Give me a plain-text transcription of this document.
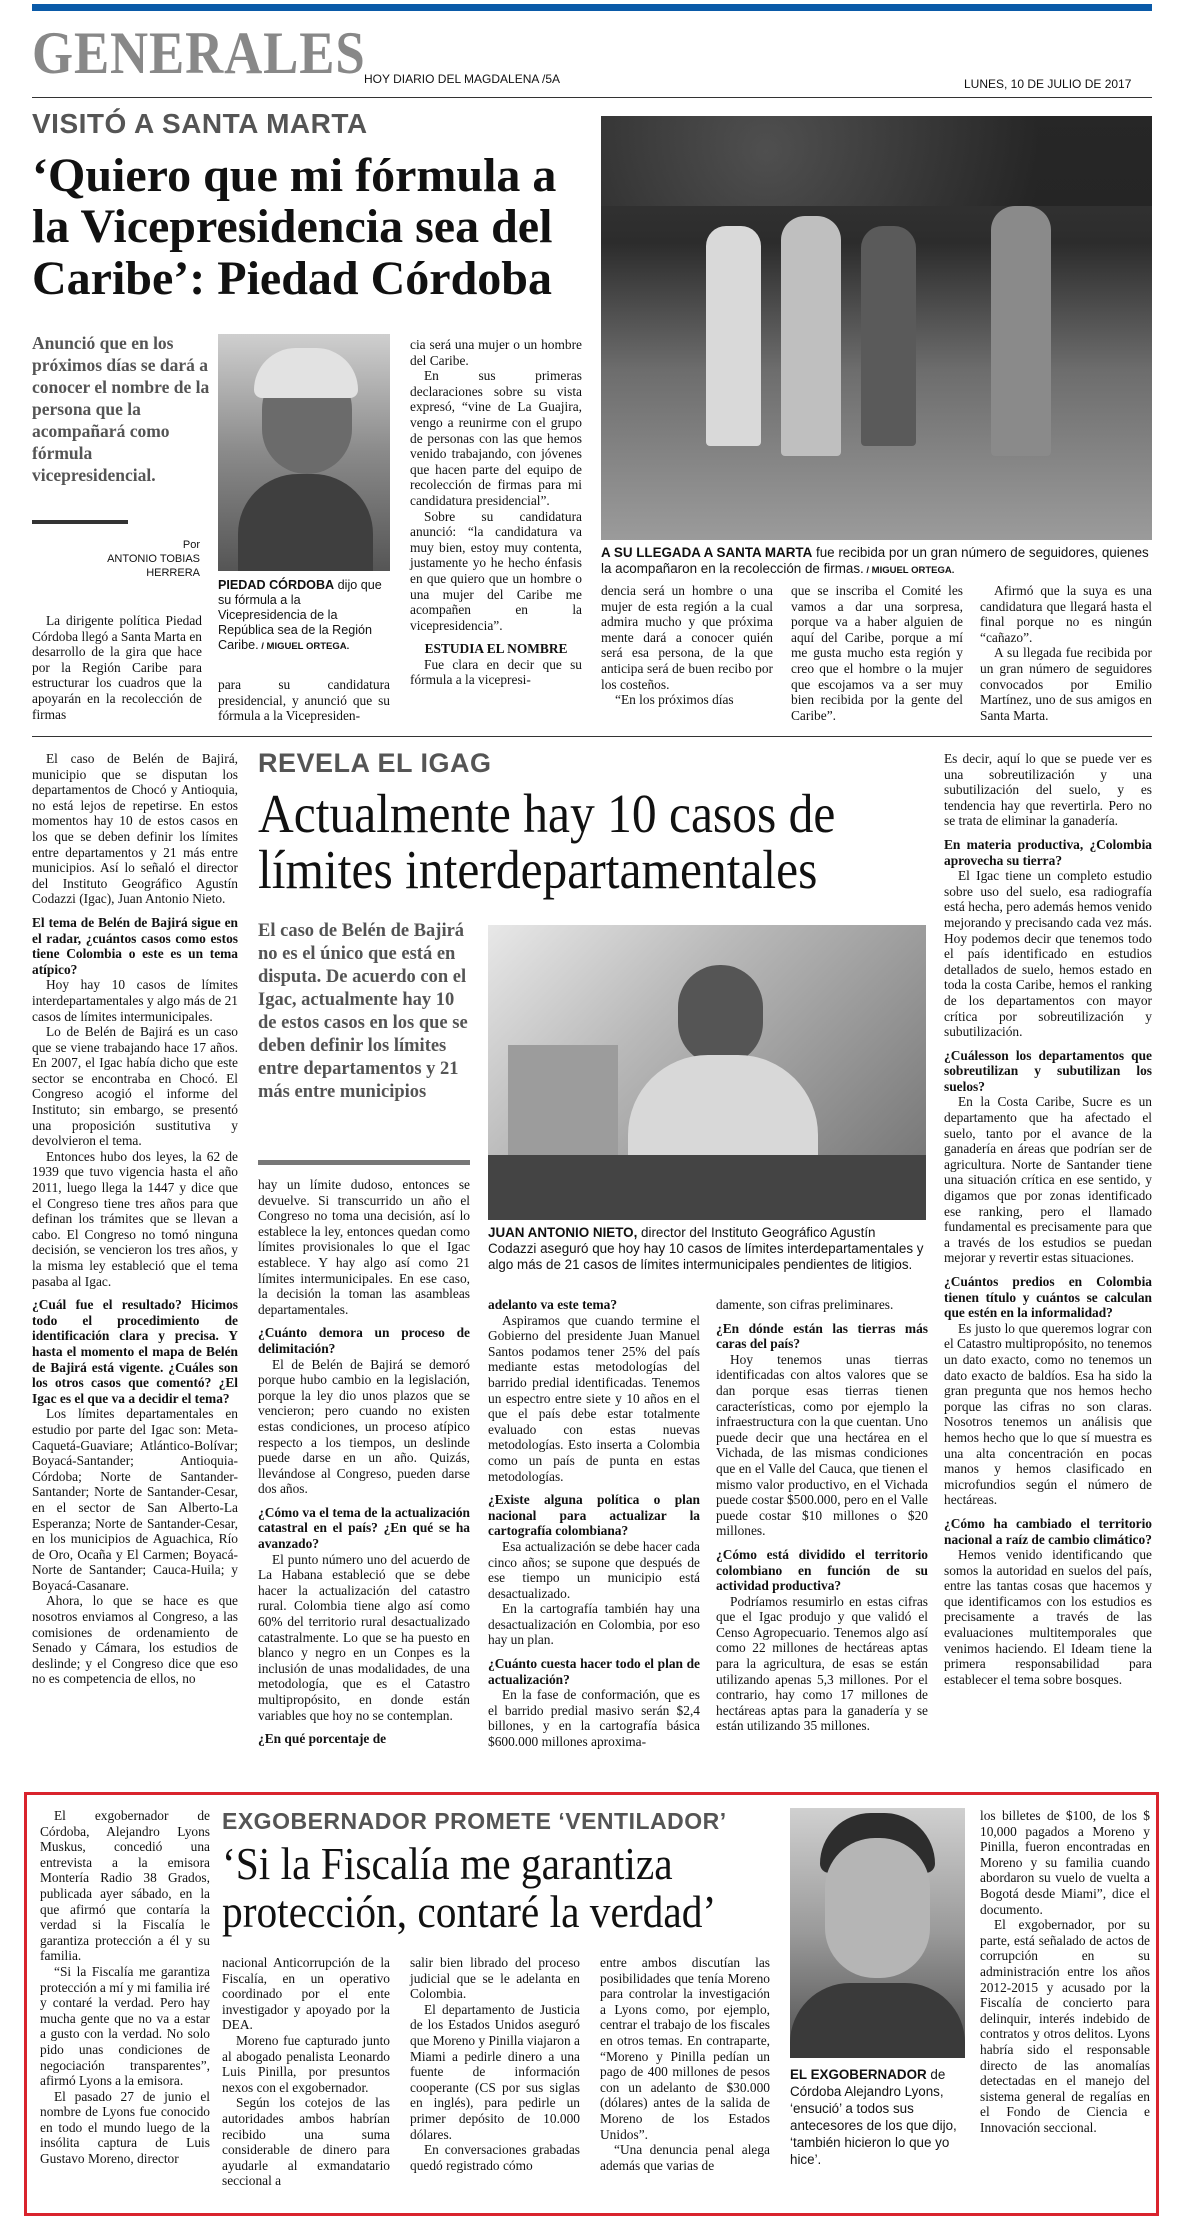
GENERALES
HOY DIARIO DEL MAGDALENA /5A	LUNES, 10 DE JULIO DE 2017
VISITÓ A SANTA MARTA
‘Quiero que mi fórmula a la Vicepresidencia sea del Caribe’: Piedad Córdoba
Anunció que en los próximos días se dará a conocer el nombre de la persona que la acompañará como fórmula vicepresidencial.
Por
ANTONIO TOBIAS HERRERA

La dirigente política Piedad Córdoba llegó a Santa Marta en desarrollo de la gira que hace por la Región Caribe para estructurar los cuadros que la apoyarán en la recolección de firmas

PIEDAD CÓRDOBA dijo que su fórmula a la Vicepresidencia de la República sea de la Región Caribe. / MIGUEL ORTEGA.

para su candidatura presidencial, y anunció que su fórmula a la Vicepresiden-

cia será una mujer o un hombre del Caribe.

En sus primeras declaraciones sobre su vista expresó, “vine de La Guajira, vengo a reunirme con el grupo de personas con las que hemos venido trabajando, con jóvenes que hacen parte del equipo de recolección de firmas para mi candidatura presidencial”.

Sobre su candidatura anunció: “la candidatura va muy bien, estoy muy contenta, justamente yo he hecho énfasis en que quiero que un hombre o una mujer del Caribe me acompañen en la vicepresidencia”.

ESTUDIA EL NOMBRE

Fue clara en decir que su fórmula a la vicepresi-

A SU LLEGADA A SANTA MARTA fue recibida por un gran número de seguidores, quienes la acompañaron en la recolección de firmas. / MIGUEL ORTEGA.

dencia será un hombre o una mujer de esta región a la cual admira mucho y que próxima mente dará a conocer quién será esa persona, de la que anticipa será de buen recibo por los costeños.

“En los próximos días

que se inscriba el Comité les vamos a dar una sorpresa, porque va a haber alguien de aquí del Caribe, porque a mí me gusta mucho esta región y creo que el hombre o la mujer que escojamos va a ser muy bien recibida por la gente del Caribe”.

Afirmó que la suya es una candidatura que llegará hasta el final porque no es ningún “cañazo”.

A su llegada fue recibida por un gran número de seguidores convocados por Emilio Martínez, uno de sus amigos en Santa Marta.

El caso de Belén de Bajirá, municipio que se disputan los departamentos de Chocó y Antioquia, no está lejos de repetirse. En estos momentos hay 10 de estos casos en los que se deben definir los límites entre departamentos y 21 más entre municipios. Así lo señaló el director del Instituto Geográfico Agustín Codazzi (Igac), Juan Antonio Nieto.

El tema de Belén de Bajirá sigue en el radar, ¿cuántos casos como estos tiene Colombia o este es un tema atípico?

Hoy hay 10 casos de límites interdepartamentales y algo más de 21 casos de límites intermunicipales.

Lo de Belén de Bajirá es un caso que se viene trabajando hace 17 años. En 2007, el Igac había dicho que este sector se encontraba en Chocó. El Congreso acogió el informe del Instituto; sin embargo, se presentó una proposición sustitutiva y devolvieron el tema.

Entonces hubo dos leyes, la 62 de 1939 que tuvo vigencia hasta el año 2011, luego llega la 1447 y dice que el Congreso tiene tres años para que definan los trámites que se llevan a cabo. El Congreso no tomó ninguna decisión, se vencieron los tres años, y la misma ley estableció que el tema pasaba al Igac.

¿Cuál fue el resultado? Hicimos todo el procedimiento de identificación clara y precisa. Y hasta el momento el mapa de Belén de Bajirá está vigente. ¿Cuáles son los otros casos que comentó? ¿El Igac es el que va a decidir el tema?

Los límites departamentales en estudio por parte del Igac son: Meta-Caquetá-Guaviare; Atlántico-Bolívar; Boyacá-Santander; Antioquia-Córdoba; Norte de Santander-Santander; Norte de Santander-Cesar, en el sector de San Alberto-La Esperanza; Norte de Santander-Cesar, en los municipios de Aguachica, Río de Oro, Ocaña y El Carmen; Boyacá-Norte de Santander; Cauca-Huila; y Boyacá-Casanare.

Ahora, lo que se hace es que nosotros enviamos al Congreso, a las comisiones de ordenamiento de Senado y Cámara, los estudios de deslinde; y el Congreso dice que eso no es competencia de ellos, no

REVELA EL IGAG
Actualmente hay 10 casos de límites interdepartamentales
El caso de Belén de Bajirá no es el único que está en disputa. De acuerdo con el Igac, actualmente hay 10 de estos casos en los que se deben definir los límites entre departamentos y 21 más entre municipios
JUAN ANTONIO NIETO, director del Instituto Geográfico Agustín Codazzi aseguró que hoy hay 10 casos de límites interdepartamentales y algo más de 21 casos de límites intermunicipales pendientes de litigios.

hay un límite dudoso, entonces se devuelve. Si transcurrido un año el Congreso no toma una decisión, así lo establece la ley, entonces quedan como límites provisionales lo que el Igac establece. Y hay algo así como 21 límites intermunicipales. En ese caso, la decisión la toman las asambleas departamentales.

¿Cuánto demora un proceso de delimitación?

El de Belén de Bajirá se demoró porque hubo cambio en la legislación, porque la ley dio unos plazos que se vencieron; pero cuando no existen estas condiciones, un proceso atípico respecto a los tiempos, un deslinde puede darse en un año. Quizás, llevándose al Congreso, pueden darse dos años.

¿Cómo va el tema de la actualización catastral en el país? ¿En qué se ha avanzado?

El punto número uno del acuerdo de La Habana estableció que se debe hacer la actualización del catastro rural. Colombia tiene algo así como 60% del territorio rural desactualizado catastralmente. Lo que se ha puesto en blanco y negro en un Conpes es la inclusión de unas modalidades, de una metodología, que es el Catastro multipropósito, en donde están variables que hoy no se contemplan.

¿En qué porcentaje de

adelanto va este tema?

Aspiramos que cuando termine el Gobierno del presidente Juan Manuel Santos podamos tener 25% del país mediante estas metodologías del barrido predial identificadas. Tenemos un espectro entre siete y 10 años en el que el país debe estar totalmente evaluado con estas nuevas metodologías. Esto inserta a Colombia como un país de punta en estas metodologías.

¿Existe alguna política o plan nacional para actualizar la cartografía colombiana?

Esa actualización se debe hacer cada cinco años; se supone que después de ese tiempo un municipio está desactualizado.

En la cartografía también hay una desactualización en Colombia, por eso hay un plan.

¿Cuánto cuesta hacer todo el plan de actualización?

En la fase de conformación, que es el barrido predial masivo serán $2,4 billones, y en la cartografía básica $600.000 millones aproxima-

damente, son cifras preliminares.

¿En dónde están las tierras más caras del país?

Hoy tenemos unas tierras identificadas con altos valores que se dan porque esas tierras tienen características, como por ejemplo la infraestructura con la que cuentan. Uno puede decir que una hectárea en el Vichada, de las mismas condiciones que en el Valle del Cauca, que tienen el mismo valor productivo, en el Vichada puede costar $500.000, pero en el Valle puede costar $10 millones o $20 millones.

¿Cómo está dividido el territorio colombiano en función de su actividad productiva?

Podríamos resumirlo en estas cifras que el Igac produjo y que validó el Censo Agropecuario. Tenemos algo así como 22 millones de hectáreas aptas para la agricultura, de esas se están utilizando apenas 5,3 millones. Por el contrario, hay como 17 millones de hectáreas aptas para la ganadería y se están utilizando 35 millones.

Es decir, aquí lo que se puede ver es una sobreutilización y una subutilización del suelo, y es tendencia hay que revertirla. Pero no se trata de eliminar la ganadería.

En materia productiva, ¿Colombia aprovecha su tierra?

El Igac tiene un completo estudio sobre uso del suelo, esa radiografía está hecha, pero además hemos venido mejorando y precisando cada vez más. Hoy podemos decir que tenemos todo el país identificado en estudios detallados de suelo, hemos estado en toda la costa Caribe, hemos el ranking de los departamentos con mayor crítica por sobreutilización y subutilización.

¿Cuálesson los departamentos que sobreutilizan y subutilizan los suelos?

En la Costa Caribe, Sucre es un departamento que ha afectado el suelo, tanto por el avance de la ganadería en áreas que podrían ser de agricultura. Norte de Santander tiene una situación crítica en ese sentido, y digamos que por zonas identificado ese ranking, pero el llamado fundamental es precisamente para que a través de los estudios se puedan mejorar y revertir estas situaciones.

¿Cuántos predios en Colombia tienen título y cuántos se calculan que estén en la informalidad?

Es justo lo que queremos lograr con el Catastro multipropósito, no tenemos un dato exacto, como no tenemos un dato exacto de baldíos. Esa ha sido la gran pregunta que nos hemos hecho porque las cifras no son claras. Nosotros tenemos un análisis que hemos hecho que lo que sí muestra es una alta concentración en pocas manos y hemos clasificado en microfundios según el número de hectáreas.

¿Cómo ha cambiado el territorio nacional a raíz de cambio climático?

Hemos venido identificando que somos la autoridad en suelos del país, entre las tantas cosas que hacemos y que identificamos con los estudios es precisamente a través de las evaluaciones multitemporales que venimos haciendo. El Ideam tiene la primera responsabilidad para establecer el tema sobre bosques.

El exgobernador de Córdoba, Alejandro Lyons Muskus, concedió una entrevista a la emisora Montería Radio 38 Grados, publicada ayer sábado, en la que afirmó que contaría la verdad si la Fiscalía le garantiza protección a él y su familia.

“Si la Fiscalía me garantiza protección a mí y mi familia iré y contaré la verdad. Pero hay mucha gente que no va a estar a gusto con la verdad. No solo pido unas condiciones de negociación transparentes”, afirmó Lyons a la emisora.

El pasado 27 de junio el nombre de Lyons fue conocido en todo el mundo luego de la insólita captura de Luis Gustavo Moreno, director

EXGOBERNADOR PROMETE ‘VENTILADOR’
‘Si la Fiscalía me garantiza protección, contaré la verdad’

nacional Anticorrupción de la Fiscalía, en un operativo coordinado por el ente investigador y apoyado por la DEA.

Moreno fue capturado junto al abogado penalista Leonardo Luis Pinilla, por presuntos nexos con el exgobernador.

Según los cotejos de las autoridades ambos habrían recibido una suma considerable de dinero para ayudarle al exmandatario seccional a

salir bien librado del proceso judicial que se le adelanta en Colombia.

El departamento de Justicia de los Estados Unidos aseguró que Moreno y Pinilla viajaron a Miami a pedirle dinero a una fuente de información cooperante (CS por sus siglas en inglés), para pedirle un primer depósito de 10.000 dólares.

En conversaciones grabadas quedó registrado cómo

entre ambos discutían las posibilidades que tenía Moreno para controlar la investigación a Lyons como, por ejemplo, centrar el trabajo de los fiscales en otros temas. En contraparte, “Moreno y Pinilla pedían un pago de 400 millones de pesos con un adelanto de $30.000 (dólares) antes de la salida de Moreno de los Estados Unidos”.

“Una denuncia penal alega además que varias de

EL EXGOBERNADOR de Córdoba Alejandro Lyons, ‘ensució’ a todos sus antecesores de los que dijo, ‘también hicieron lo que yo hice’.

los billetes de $100, de los $ 10,000 pagados a Moreno y Pinilla, fueron encontradas en Moreno y su familia cuando abordaron su vuelo de vuelta a Bogotá desde Miami”, dice el documento.

El exgobernador, por su parte, está señalado de actos de corrupción en su administración entre los años 2012-2015 y acusado por la Fiscalía de concierto para delinquir, interés indebido de contratos y otros delitos. Lyons habría sido el responsable directo de las anomalías detectadas en el manejo del sistema general de regalías en el Fondo de Ciencia e Innovación seccional.
